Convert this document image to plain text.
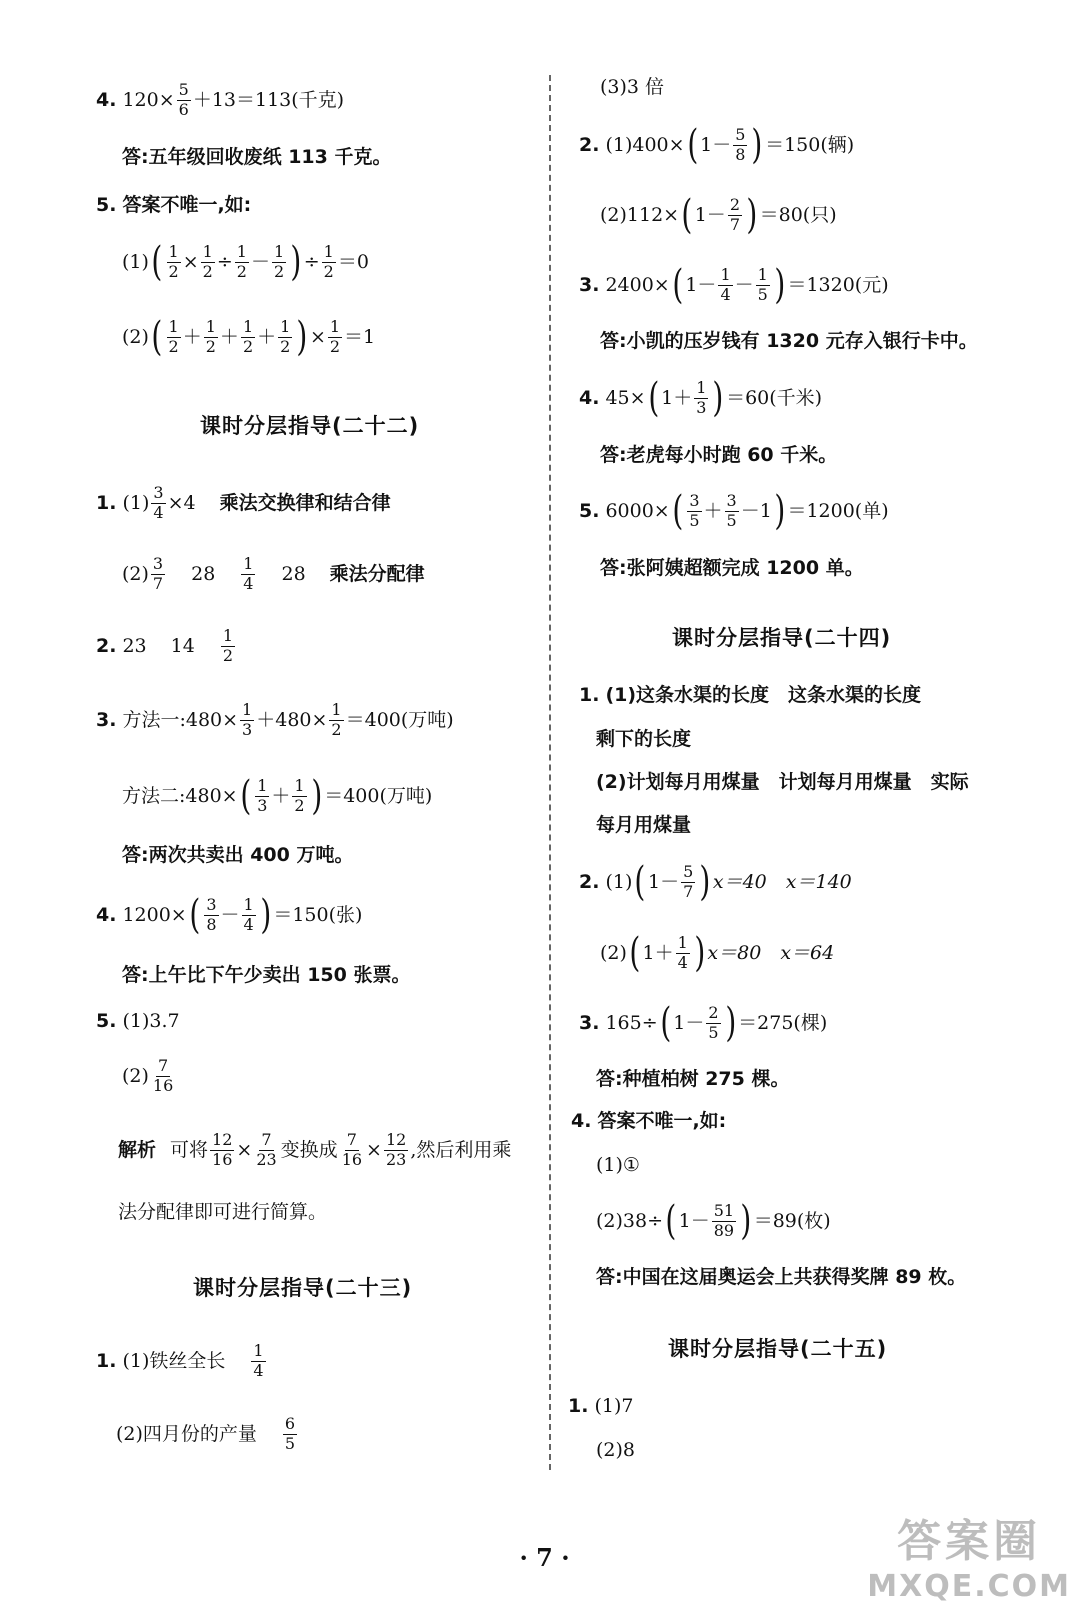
4. $120\times \frac{5}{6} +13=113$(千克)
答:五年级回收废纸 113 千克。
5. 答案不唯一,如:
(1) ( $\frac{1}{2} \times \frac{1}{2} \div \frac{1}{2} - \frac{1}{2}$ ) ÷ $\frac{1}{2} =0$
(2) ( $\frac{1}{2} + \frac{1}{2} + \frac{1}{2} + \frac{1}{2}$ ) × $\frac{1}{2} =1$
课时分层指导(二十二)
1. $(1) \frac{3}{4} \times 4$ 乘法交换律和结合律
$(2) \frac{3}{7} 28 \frac{1}{4} 28$ 乘法分配律
2. 23 $14 \frac{1}{2}$
3. 方法一:480× $\frac{1}{3} +480\times \frac{1}{2} =400$(万吨)
方法二:480× ( $\frac{1}{3} + \frac{1}{2}$ ) ＝400(万吨)
答:两次共卖出 400 万吨。
4. 1200× ( $\frac{3}{8} - \frac{1}{4}$ ) ＝150(张)
答:上午比下午少卖出 150 张票。
5. (1)3.7
$(2) \frac{7}{16}$
解析 可将 $\frac{12}{16} \times \frac{7}{23}$ 变换成 $\frac{7}{16} \times \frac{12}{23}$ ,然后利用乘
法分配律即可进行简算。
课时分层指导(二十三)
1. (1)铁丝全长 $\frac{1}{4}$
(2)四月份的产量 $\frac{6}{5}$
(3)3 倍
2. (1)400× ( $1- \frac{5}{8}$ ) ＝150(辆)
(2)112× ( $1- \frac{2}{7}$ ) ＝80(只)
3. 2400× ( $1- \frac{1}{4} - \frac{1}{5}$ ) ＝1320(元)
答:小凯的压岁钱有 1320 元存入银行卡中。
4. 45× ( $1+ \frac{1}{3}$ ) ＝60(千米)
答:老虎每小时跑 60 千米。
5. 6000× ( $\frac{3}{5} + \frac{3}{5} -1$ ) ＝1200(单)
答:张阿姨超额完成 1200 单。
课时分层指导(二十四)
1. (1)这条水渠的长度　这条水渠的长度
剩下的长度
(2)计划每月用煤量　计划每月用煤量　实际
每月用煤量
2. (1) ( $1- \frac{5}{7}$ ) x＝40　x＝140
(2) ( $1+ \frac{1}{4}$ ) x＝80　x＝64
3. 165÷ ( $1- \frac{2}{5}$ ) ＝275(棵)
答:种植柏树 275 棵。
4. 答案不唯一,如:
(1)①
(2)38÷ ( $1- \frac{51}{89}$ ) ＝89(枚)
答:中国在这届奥运会上共获得奖牌 89 枚。
课时分层指导(二十五)
1. (1)7
(2)8
· 7 ·	答案圈
MXQE.COM
